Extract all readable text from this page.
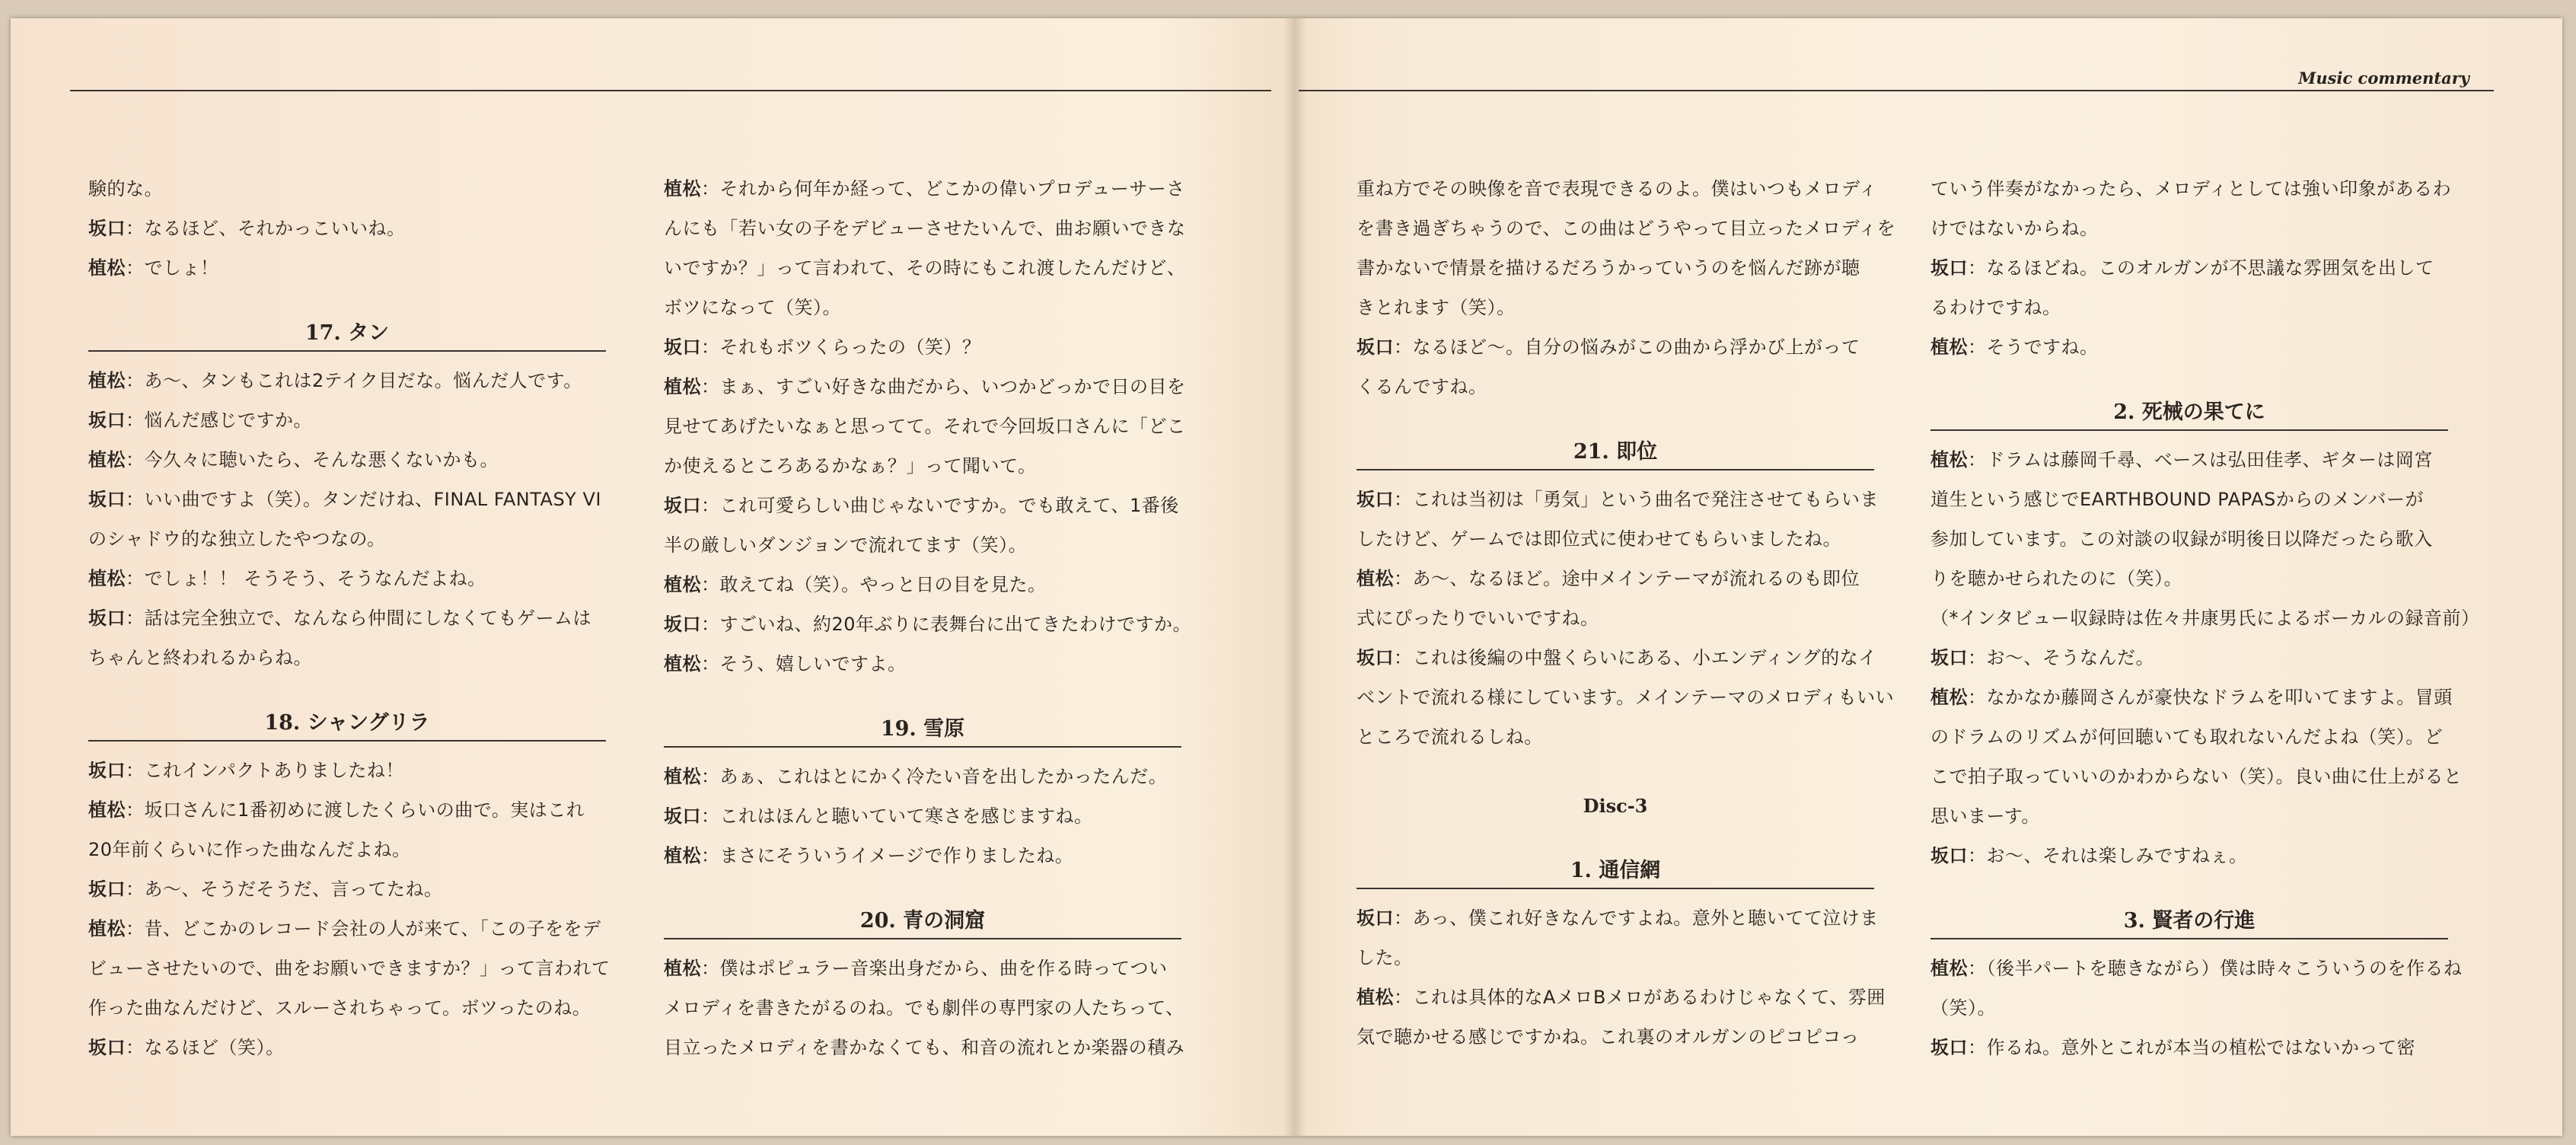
Music commentary
験的な。
坂口：なるほど、それかっこいいね。
植松：でしょ！
17. タン
植松：あ〜、タンもこれは2テイク目だな。悩んだ人です。
坂口：悩んだ感じですか。
植松：今久々に聴いたら、そんな悪くないかも。
坂口：いい曲ですよ（笑）。タンだけね、FINAL FANTASY VI
のシャドウ的な独立したやつなの。
植松：でしょ！！ そうそう、そうなんだよね。
坂口：話は完全独立で、なんなら仲間にしなくてもゲームは
ちゃんと終われるからね。
18. シャングリラ
坂口：これインパクトありましたね！
植松：坂口さんに1番初めに渡したくらいの曲で。実はこれ
20年前くらいに作った曲なんだよね。
坂口：あ〜、そうだそうだ、言ってたね。
植松：昔、どこかのレコード会社の人が来て、「この子ををデ
ビューさせたいので、曲をお願いできますか？」って言われて
作った曲なんだけど、スルーされちゃって。ボツったのね。
坂口：なるほど（笑）。
植松：それから何年か経って、どこかの偉いプロデューサーさ
んにも「若い女の子をデビューさせたいんで、曲お願いできな
いですか？」って言われて、その時にもこれ渡したんだけど、
ボツになって（笑）。
坂口：それもボツくらったの（笑）？
植松：まぁ、すごい好きな曲だから、いつかどっかで日の目を
見せてあげたいなぁと思ってて。それで今回坂口さんに「どこ
か使えるところあるかなぁ？」って聞いて。
坂口：これ可愛らしい曲じゃないですか。でも敢えて、1番後
半の厳しいダンジョンで流れてます（笑）。
植松：敢えてね（笑）。やっと日の目を見た。
坂口：すごいね、約20年ぶりに表舞台に出てきたわけですか。
植松：そう、嬉しいですよ。
19. 雪原
植松：あぁ、これはとにかく冷たい音を出したかったんだ。
坂口：これはほんと聴いていて寒さを感じますね。
植松：まさにそういうイメージで作りましたね。
20. 青の洞窟
植松：僕はポピュラー音楽出身だから、曲を作る時ってつい
メロディを書きたがるのね。でも劇伴の専門家の人たちって、
目立ったメロディを書かなくても、和音の流れとか楽器の積み
重ね方でその映像を音で表現できるのよ。僕はいつもメロディ
を書き過ぎちゃうので、この曲はどうやって目立ったメロディを
書かないで情景を描けるだろうかっていうのを悩んだ跡が聴
きとれます（笑）。
坂口：なるほど〜。自分の悩みがこの曲から浮かび上がって
くるんですね。
21. 即位
坂口：これは当初は「勇気」という曲名で発注させてもらいま
したけど、ゲームでは即位式に使わせてもらいましたね。
植松：あ〜、なるほど。途中メインテーマが流れるのも即位
式にぴったりでいいですね。
坂口：これは後編の中盤くらいにある、小エンディング的なイ
ベントで流れる様にしています。メインテーマのメロディもいい
ところで流れるしね。
Disc-3
1. 通信網
坂口：あっ、僕これ好きなんですよね。意外と聴いてて泣けま
した。
植松：これは具体的なAメロBメロがあるわけじゃなくて、雰囲
気で聴かせる感じですかね。これ裏のオルガンのピコピコっ
ていう伴奏がなかったら、メロディとしては強い印象があるわ
けではないからね。
坂口：なるほどね。このオルガンが不思議な雰囲気を出して
るわけですね。
植松：そうですね。
2. 死械の果てに
植松：ドラムは藤岡千尋、ベースは弘田佳孝、ギターは岡宮
道生という感じでEARTHBOUND PAPASからのメンバーが
参加しています。この対談の収録が明後日以降だったら歌入
りを聴かせられたのに（笑）。
（*インタビュー収録時は佐々井康男氏によるボーカルの録音前）
坂口：お〜、そうなんだ。
植松：なかなか藤岡さんが豪快なドラムを叩いてますよ。冒頭
のドラムのリズムが何回聴いても取れないんだよね（笑）。ど
こで拍子取っていいのかわからない（笑）。良い曲に仕上がると
思いまーす。
坂口：お〜、それは楽しみですねぇ。
3. 賢者の行進
植松：（後半パートを聴きながら）僕は時々こういうのを作るね
（笑）。
坂口：作るね。意外とこれが本当の植松ではないかって密
